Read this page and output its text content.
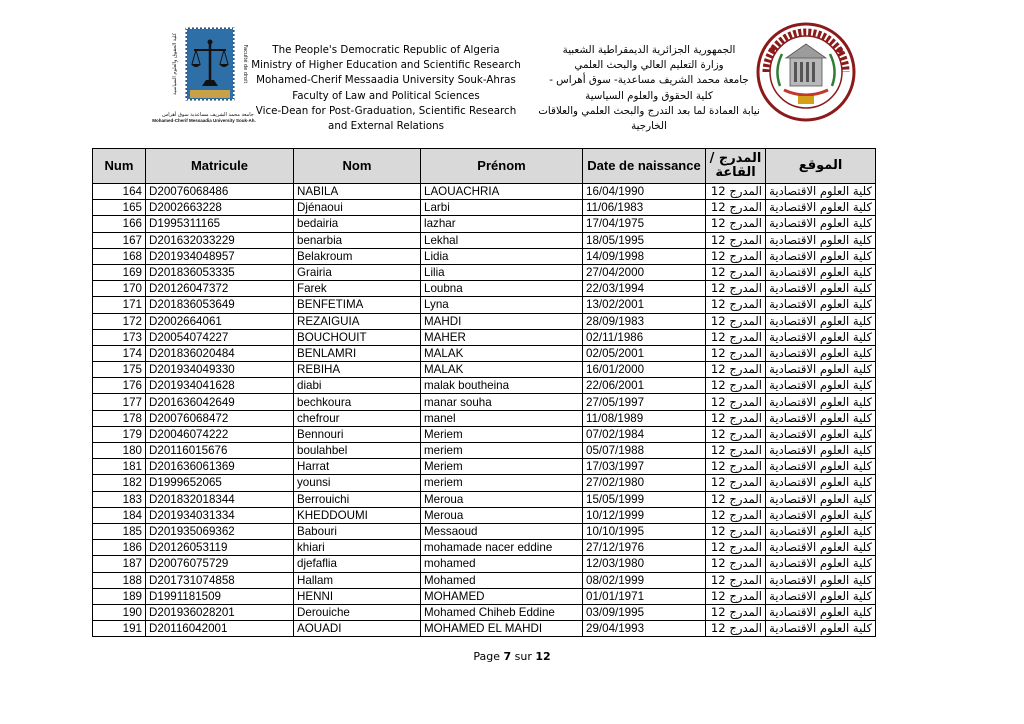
كلية الحقوق والعلوم السياسية	Faculté de droit
جامعة محمد الشريف مساعدية سوق أهراس
Mohamed-Cherif Messaadia University Souk-Ah.
The People's Democratic Republic of Algeria
Ministry of Higher Education and Scientific Research
Mohamed-Cherif Messaadia University Souk-Ahras
Faculty of Law and Political Sciences
Vice-Dean for Post-Graduation, Scientific Research
and External Relations
الجمهورية الجزائرية الديمقراطية الشعبية
وزارة التعليم العالي والبحث العلمي
جامعة محمد الشريف مساعدية- سوق أهراس -
كلية الحقوق والعلوم السياسية
نيابة العمادة لما بعد التدرج والبحث العلمي والعلاقات
الخارجية
Num	Matricule	Nom	Prénom	Date de naissance	المدرج / القاعة	الموقع
164	D20076068486	NABILA	LAOUACHRIA	16/04/1990	المدرج 12	كلية العلوم الاقتصادية
165	D2002663228	Djénaoui	Larbi	11/06/1983	المدرج 12	كلية العلوم الاقتصادية
166	D1995311165	bedairia	lazhar	17/04/1975	المدرج 12	كلية العلوم الاقتصادية
167	D201632033229	benarbia	Lekhal	18/05/1995	المدرج 12	كلية العلوم الاقتصادية
168	D201934048957	Belakroum	Lidia	14/09/1998	المدرج 12	كلية العلوم الاقتصادية
169	D201836053335	Grairia	Lilia	27/04/2000	المدرج 12	كلية العلوم الاقتصادية
170	D20126047372	Farek	Loubna	22/03/1994	المدرج 12	كلية العلوم الاقتصادية
171	D201836053649	BENFETIMA	Lyna	13/02/2001	المدرج 12	كلية العلوم الاقتصادية
172	D2002664061	REZAIGUIA	MAHDI	28/09/1983	المدرج 12	كلية العلوم الاقتصادية
173	D20054074227	BOUCHOUIT	MAHER	02/11/1986	المدرج 12	كلية العلوم الاقتصادية
174	D201836020484	BENLAMRI	MALAK	02/05/2001	المدرج 12	كلية العلوم الاقتصادية
175	D201934049330	REBIHA	MALAK	16/01/2000	المدرج 12	كلية العلوم الاقتصادية
176	D201934041628	diabi	malak boutheina	22/06/2001	المدرج 12	كلية العلوم الاقتصادية
177	D201636042649	bechkoura	manar souha	27/05/1997	المدرج 12	كلية العلوم الاقتصادية
178	D20076068472	chefrour	manel	11/08/1989	المدرج 12	كلية العلوم الاقتصادية
179	D20046074222	Bennouri	Meriem	07/02/1984	المدرج 12	كلية العلوم الاقتصادية
180	D20116015676	boulahbel	meriem	05/07/1988	المدرج 12	كلية العلوم الاقتصادية
181	D201636061369	Harrat	Meriem	17/03/1997	المدرج 12	كلية العلوم الاقتصادية
182	D1999652065	younsi	meriem	27/02/1980	المدرج 12	كلية العلوم الاقتصادية
183	D201832018344	Berrouichi	Meroua	15/05/1999	المدرج 12	كلية العلوم الاقتصادية
184	D201934031334	KHEDDOUMI	Meroua	10/12/1999	المدرج 12	كلية العلوم الاقتصادية
185	D201935069362	Babouri	Messaoud	10/10/1995	المدرج 12	كلية العلوم الاقتصادية
186	D20126053119	khiari	mohamade nacer eddine	27/12/1976	المدرج 12	كلية العلوم الاقتصادية
187	D20076075729	djefaflia	mohamed	12/03/1980	المدرج 12	كلية العلوم الاقتصادية
188	D201731074858	Hallam	Mohamed	08/02/1999	المدرج 12	كلية العلوم الاقتصادية
189	D1991181509	HENNI	MOHAMED	01/01/1971	المدرج 12	كلية العلوم الاقتصادية
190	D201936028201	Derouiche	Mohamed Chiheb Eddine	03/09/1995	المدرج 12	كلية العلوم الاقتصادية
191	D20116042001	AOUADI	MOHAMED EL MAHDI	29/04/1993	المدرج 12	كلية العلوم الاقتصادية
Page 7 sur 12
